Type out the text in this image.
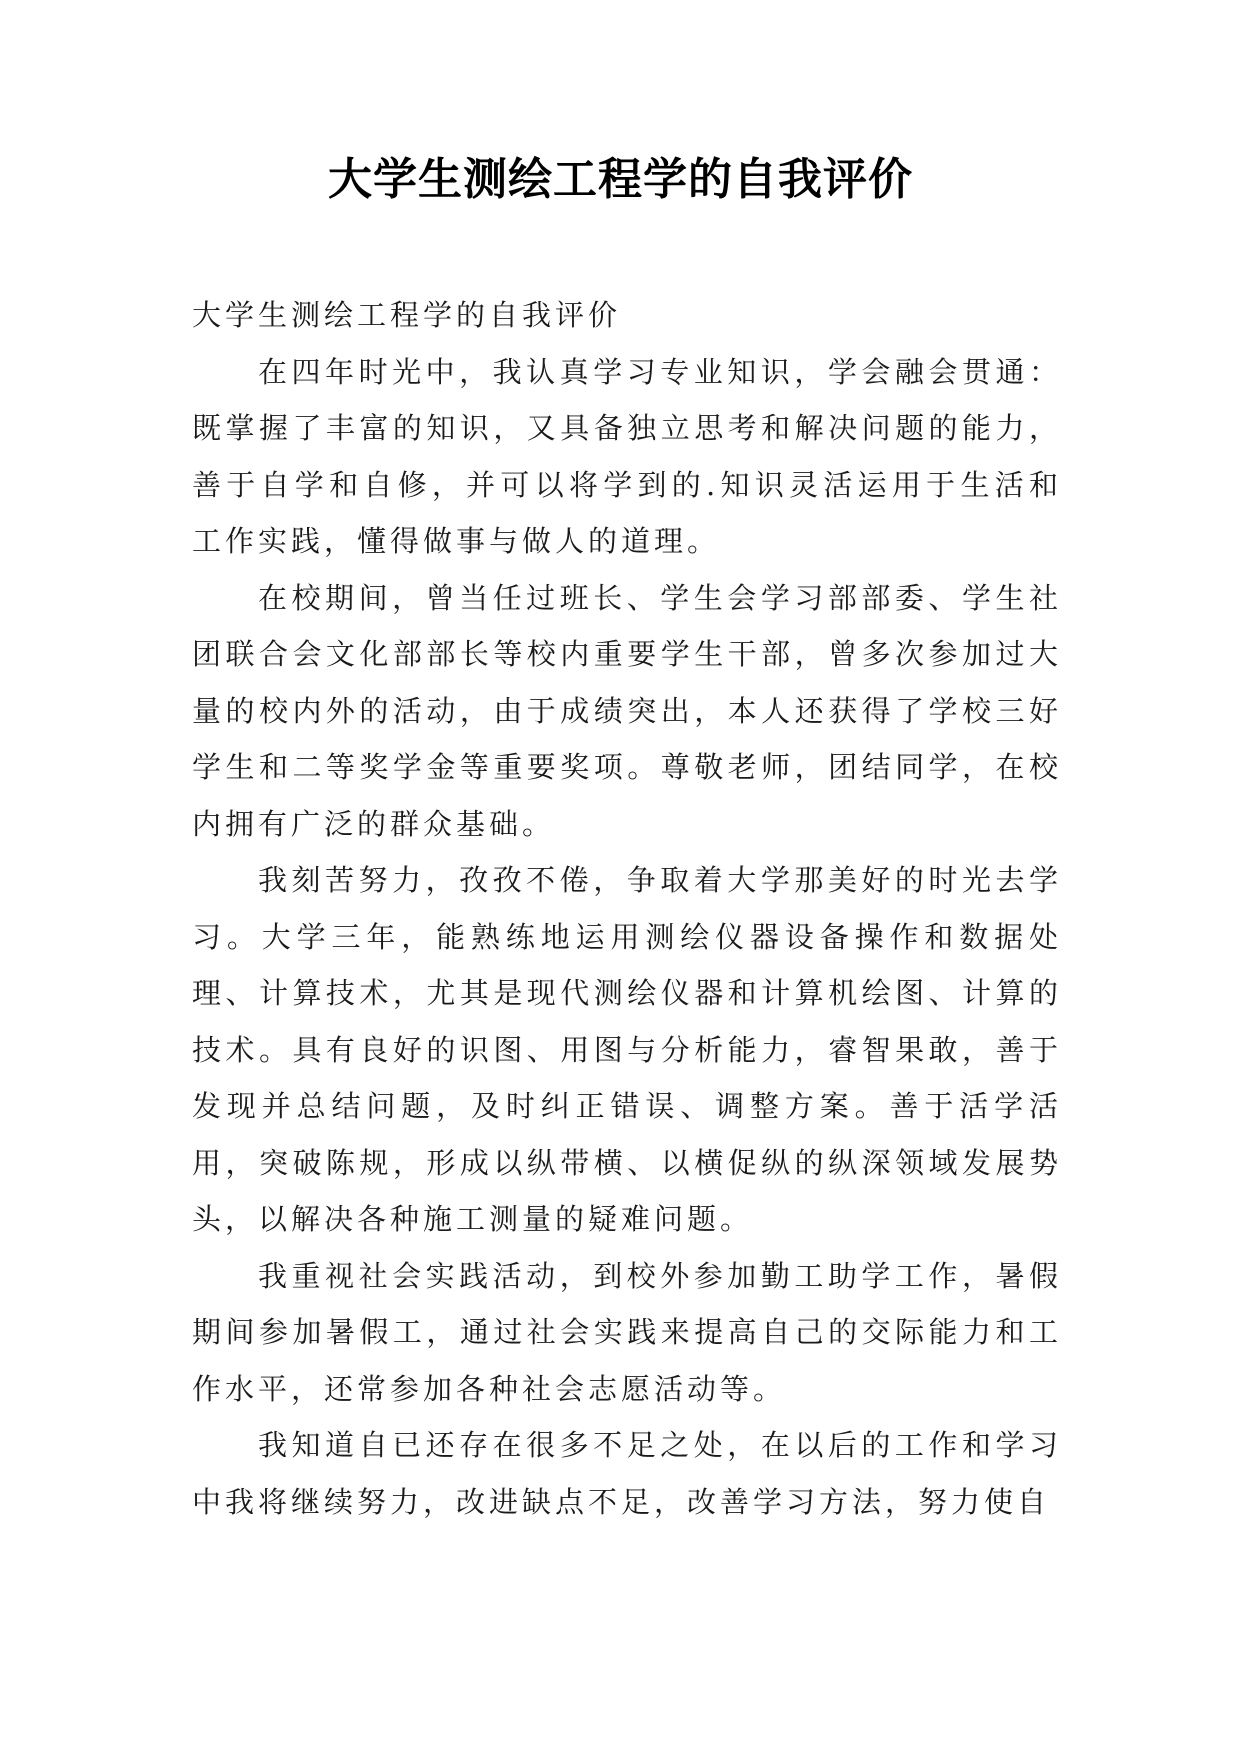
大学生测绘工程学的自我评价

大学生测绘工程学的自我评价

在四年时光中，我认真学习专业知识，学会融会贯通：既掌握了丰富的知识，又具备独立思考和解决问题的能力，善于自学和自修，并可以将学到的.知识灵活运用于生活和工作实践，懂得做事与做人的道理。

在校期间，曾当任过班长、学生会学习部部委、学生社团联合会文化部部长等校内重要学生干部，曾多次参加过大量的校内外的活动，由于成绩突出，本人还获得了学校三好学生和二等奖学金等重要奖项。尊敬老师，团结同学，在校内拥有广泛的群众基础。

我刻苦努力，孜孜不倦，争取着大学那美好的时光去学习。大学三年，能熟练地运用测绘仪器设备操作和数据处理、计算技术，尤其是现代测绘仪器和计算机绘图、计算的技术。具有良好的识图、用图与分析能力，睿智果敢，善于发现并总结问题，及时纠正错误、调整方案。善于活学活用，突破陈规，形成以纵带横、以横促纵的纵深领域发展势头，以解决各种施工测量的疑难问题。

我重视社会实践活动，到校外参加勤工助学工作，暑假期间参加暑假工，通过社会实践来提高自己的交际能力和工作水平，还常参加各种社会志愿活动等。

我知道自已还存在很多不足之处，在以后的工作和学习中我将继续努力，改进缺点不足，改善学习方法，努力使自
